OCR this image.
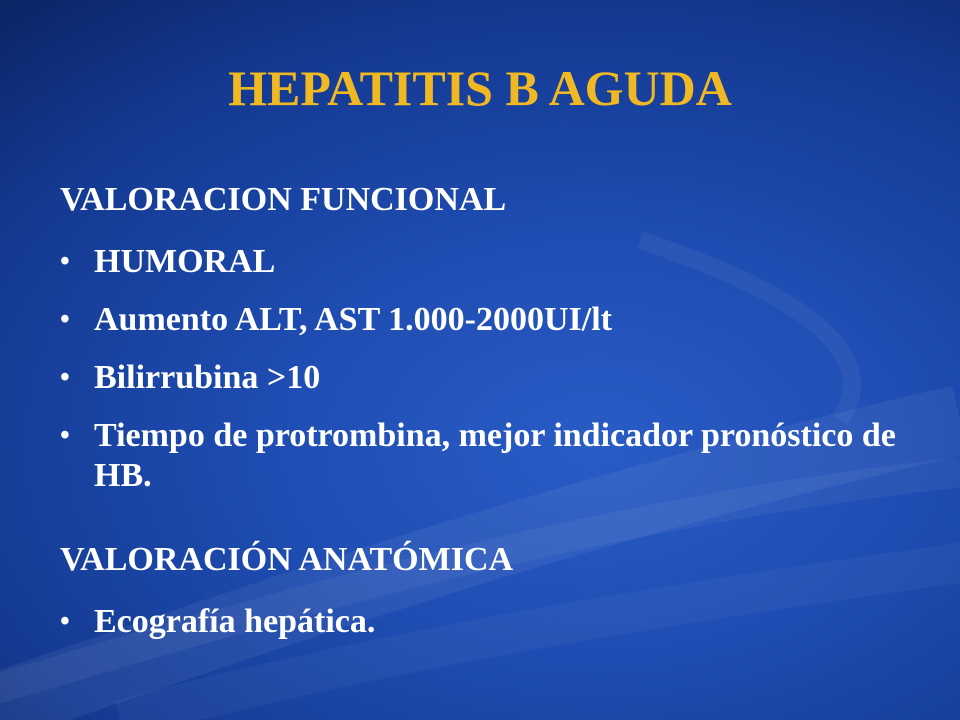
HEPATITIS B AGUDA

VALORACION FUNCIONAL

• HUMORAL
• Aumento ALT, AST 1.000-2000UI/lt
• Bilirrubina >10
• Tiempo de protrombina, mejor indicador pronóstico de HB.

VALORACIÓN ANATÓMICA

• Ecografía hepática.
